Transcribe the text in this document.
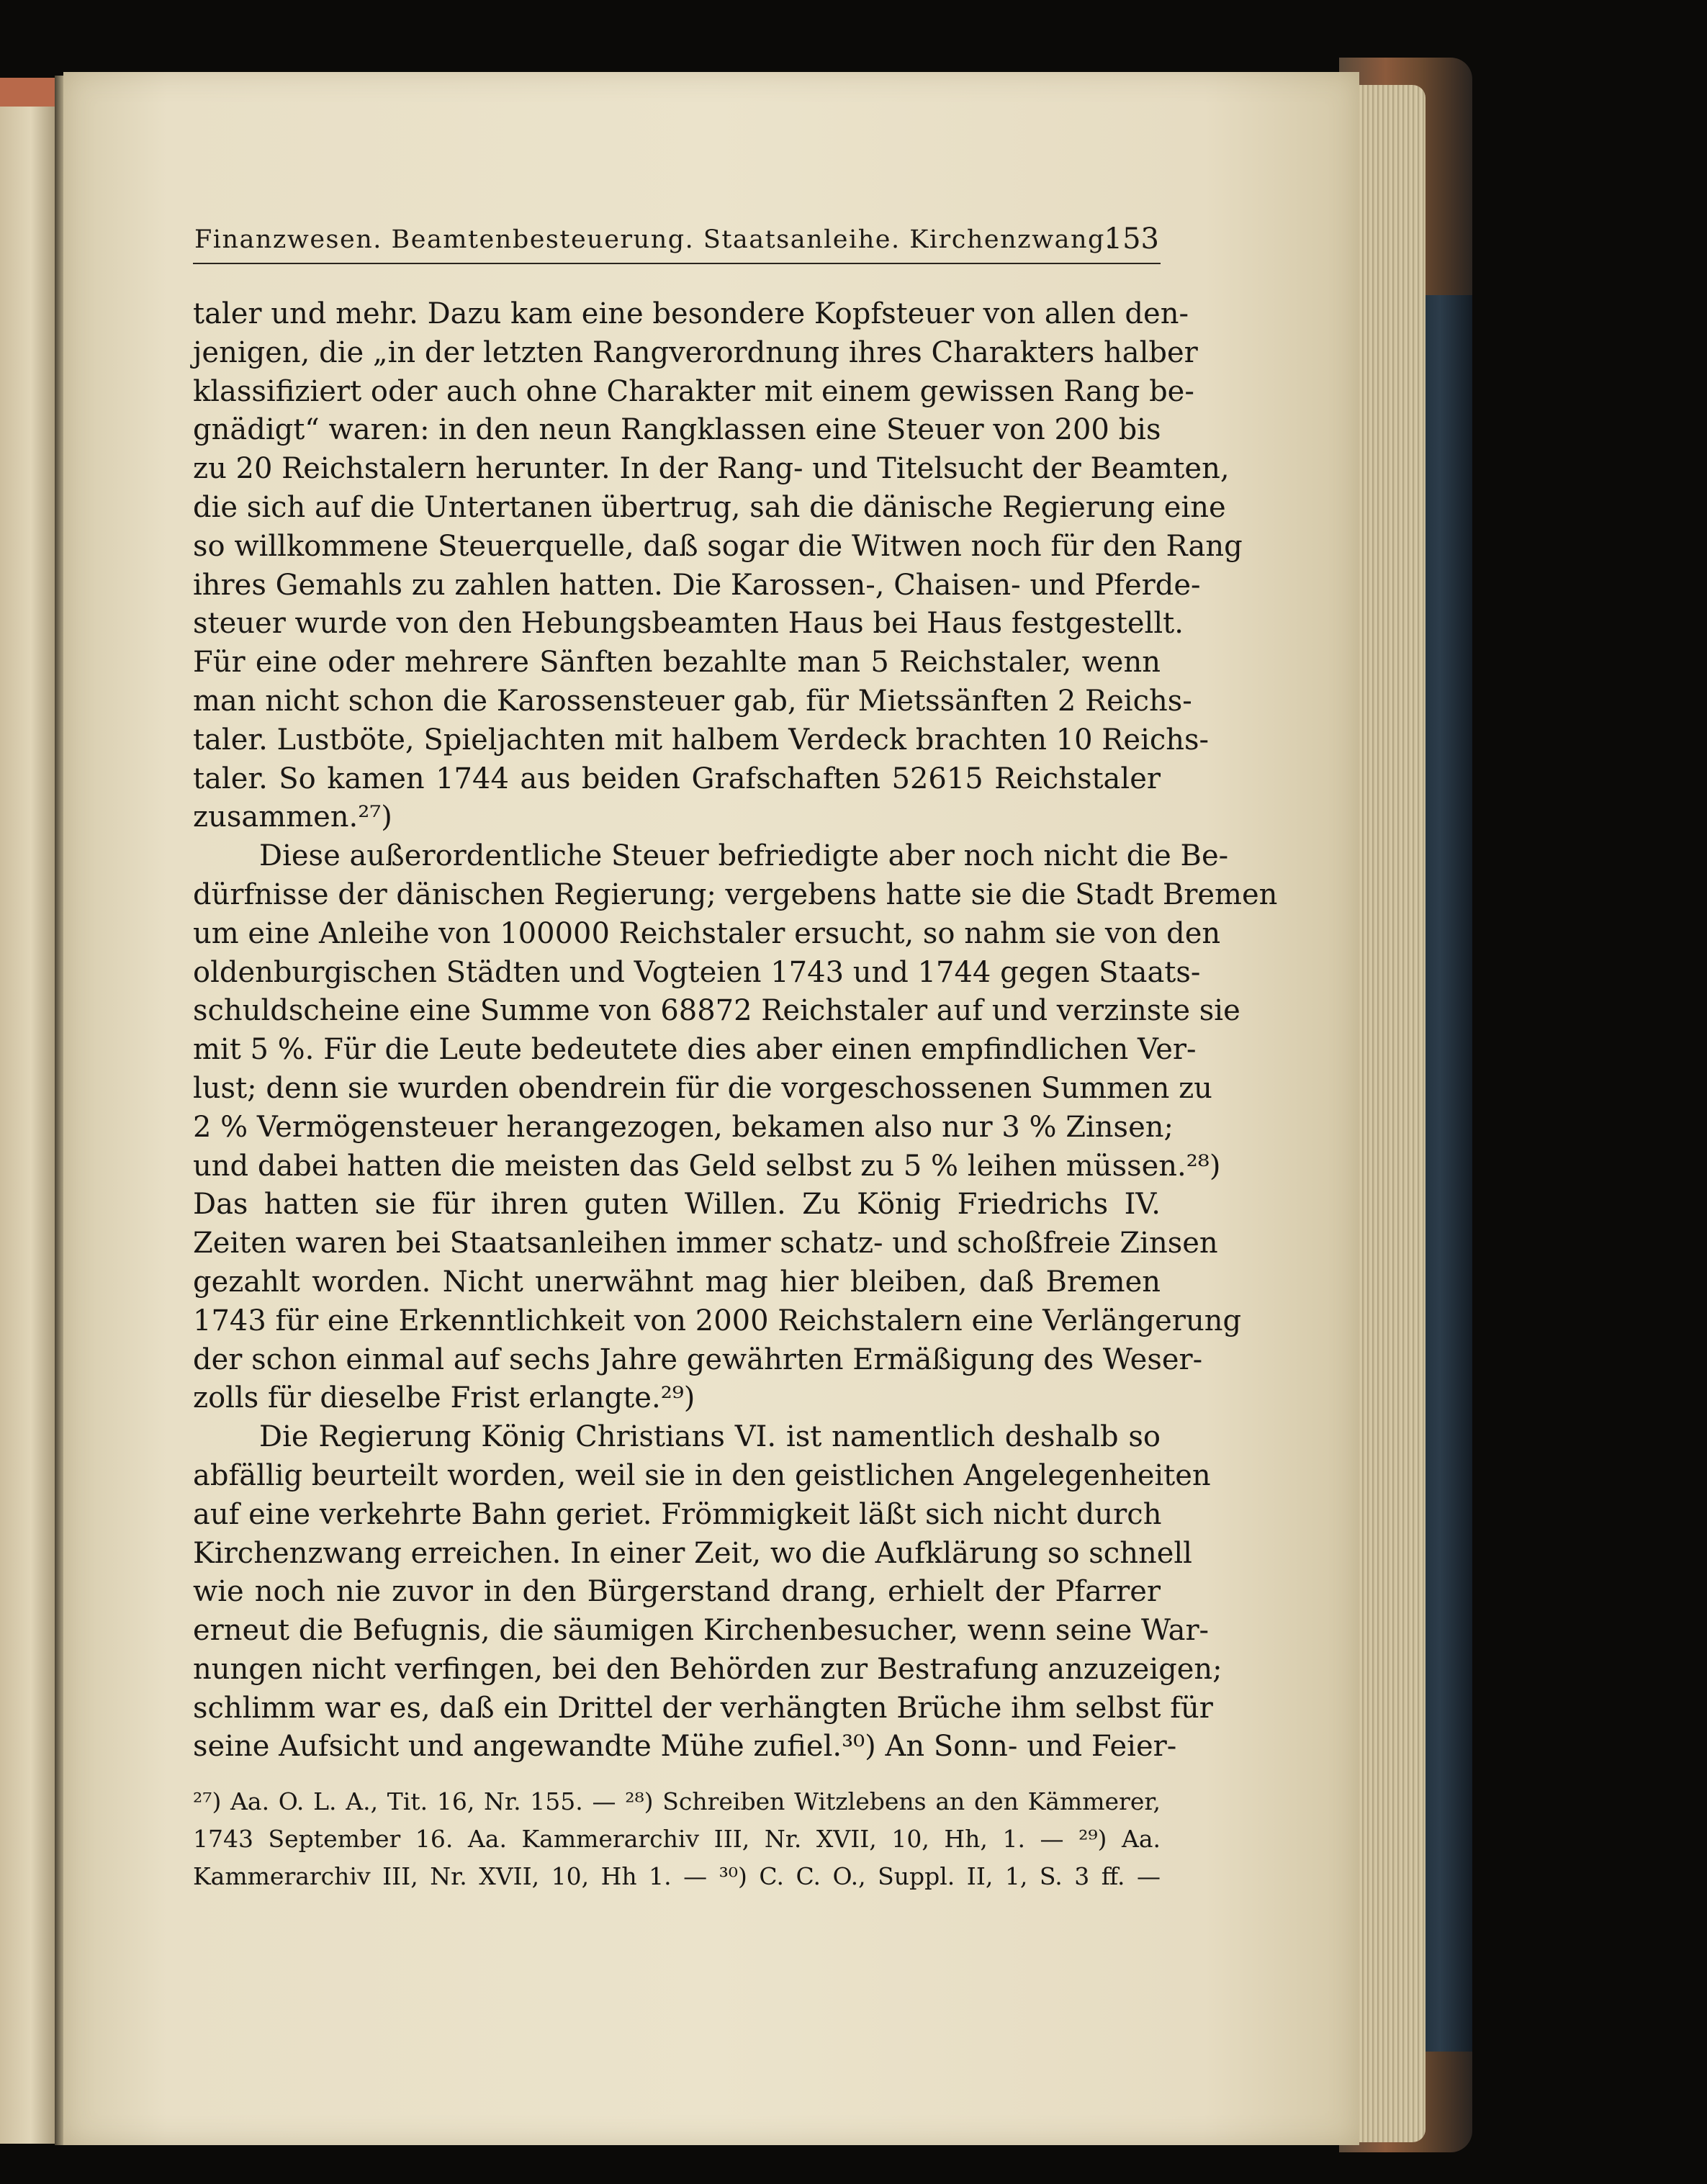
Finanzwesen. Beamtenbesteuerung. Staatsanleihe. Kirchenzwang.
153
taler und mehr. Dazu kam eine besondere Kopfsteuer von allen den-
jenigen, die „in der letzten Rangverordnung ihres Charakters halber
klassifiziert oder auch ohne Charakter mit einem gewissen Rang be-
gnädigt“ waren: in den neun Rangklassen eine Steuer von 200 bis
zu 20 Reichstalern herunter. In der Rang- und Titelsucht der Beamten,
die sich auf die Untertanen übertrug, sah die dänische Regierung eine
so willkommene Steuerquelle, daß sogar die Witwen noch für den Rang
ihres Gemahls zu zahlen hatten. Die Karossen-, Chaisen- und Pferde-
steuer wurde von den Hebungsbeamten Haus bei Haus festgestellt.
Für eine oder mehrere Sänften bezahlte man 5 Reichstaler, wenn
man nicht schon die Karossensteuer gab, für Mietssänften 2 Reichs-
taler. Lustböte, Spieljachten mit halbem Verdeck brachten 10 Reichs-
taler. So kamen 1744 aus beiden Grafschaften 52615 Reichstaler
zusammen.²⁷)
Diese außerordentliche Steuer befriedigte aber noch nicht die Be-
dürfnisse der dänischen Regierung; vergebens hatte sie die Stadt Bremen
um eine Anleihe von 100000 Reichstaler ersucht, so nahm sie von den
oldenburgischen Städten und Vogteien 1743 und 1744 gegen Staats-
schuldscheine eine Summe von 68872 Reichstaler auf und verzinste sie
mit 5 %. Für die Leute bedeutete dies aber einen empfindlichen Ver-
lust; denn sie wurden obendrein für die vorgeschossenen Summen zu
2 % Vermögensteuer herangezogen, bekamen also nur 3 % Zinsen;
und dabei hatten die meisten das Geld selbst zu 5 % leihen müssen.²⁸)
Das hatten sie für ihren guten Willen. Zu König Friedrichs IV.
Zeiten waren bei Staatsanleihen immer schatz- und schoßfreie Zinsen
gezahlt worden. Nicht unerwähnt mag hier bleiben, daß Bremen
1743 für eine Erkenntlichkeit von 2000 Reichstalern eine Verlängerung
der schon einmal auf sechs Jahre gewährten Ermäßigung des Weser-
zolls für dieselbe Frist erlangte.²⁹)
Die Regierung König Christians VI. ist namentlich deshalb so
abfällig beurteilt worden, weil sie in den geistlichen Angelegenheiten
auf eine verkehrte Bahn geriet. Frömmigkeit läßt sich nicht durch
Kirchenzwang erreichen. In einer Zeit, wo die Aufklärung so schnell
wie noch nie zuvor in den Bürgerstand drang, erhielt der Pfarrer
erneut die Befugnis, die säumigen Kirchenbesucher, wenn seine War-
nungen nicht verfingen, bei den Behörden zur Bestrafung anzuzeigen;
schlimm war es, daß ein Drittel der verhängten Brüche ihm selbst für
seine Aufsicht und angewandte Mühe zufiel.³⁰) An Sonn- und Feier-
²⁷) Aa. O. L. A., Tit. 16, Nr. 155. — ²⁸) Schreiben Witzlebens an den Kämmerer,
1743 September 16. Aa. Kammerarchiv III, Nr. XVII, 10, Hh, 1. — ²⁹) Aa.
Kammerarchiv III, Nr. XVII, 10, Hh 1. — ³⁰) C. C. O., Suppl. II, 1, S. 3 ff. —
